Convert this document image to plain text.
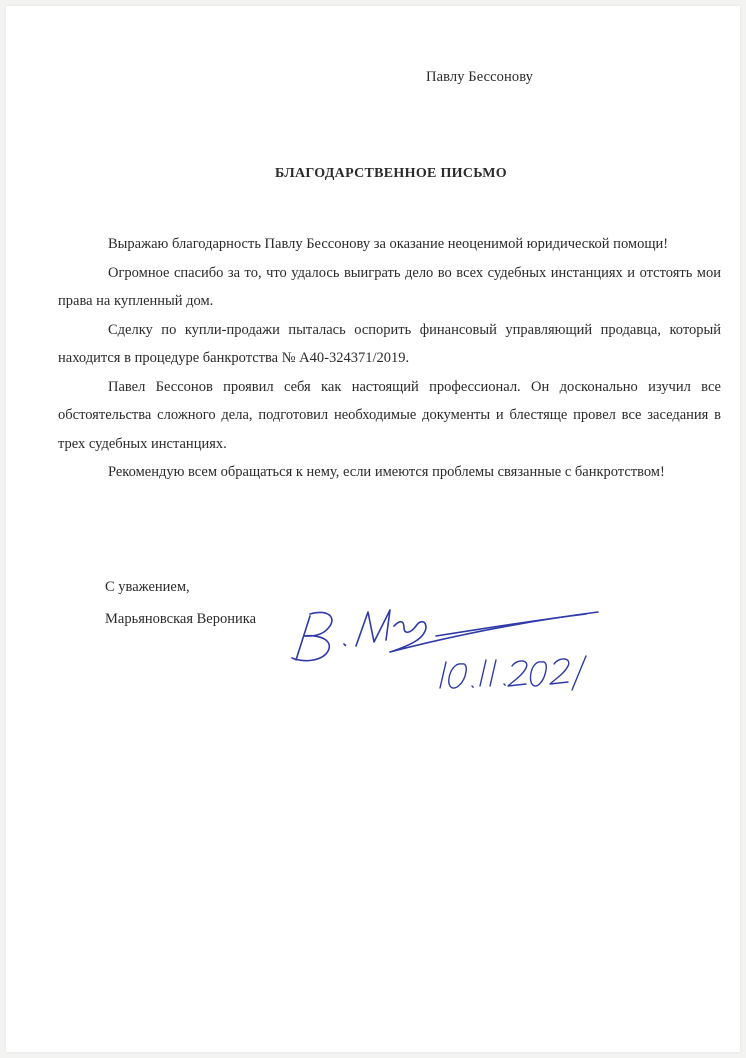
Павлу Бессонову
БЛАГОДАРСТВЕННОЕ ПИСЬМО

Выражаю благодарность Павлу Бессонову за оказание неоценимой юридической помощи!

Огромное спасибо за то, что удалось выиграть дело во всех судебных инстанциях и отстоять мои права на купленный дом.

Сделку по купли-продажи пыталась оспорить финансовый управляющий продавца, который находится в процедуре банкротства № А40-324371/2019.

Павел Бессонов проявил себя как настоящий профессионал. Он досконально изучил все обстоятельства сложного дела, подготовил необходимые документы и блестяще провел все заседания в трех судебных инстанциях.

Рекомендую всем обращаться к нему, если имеются проблемы связанные с банкротством!

С уважением,
Марьяновская Вероника
